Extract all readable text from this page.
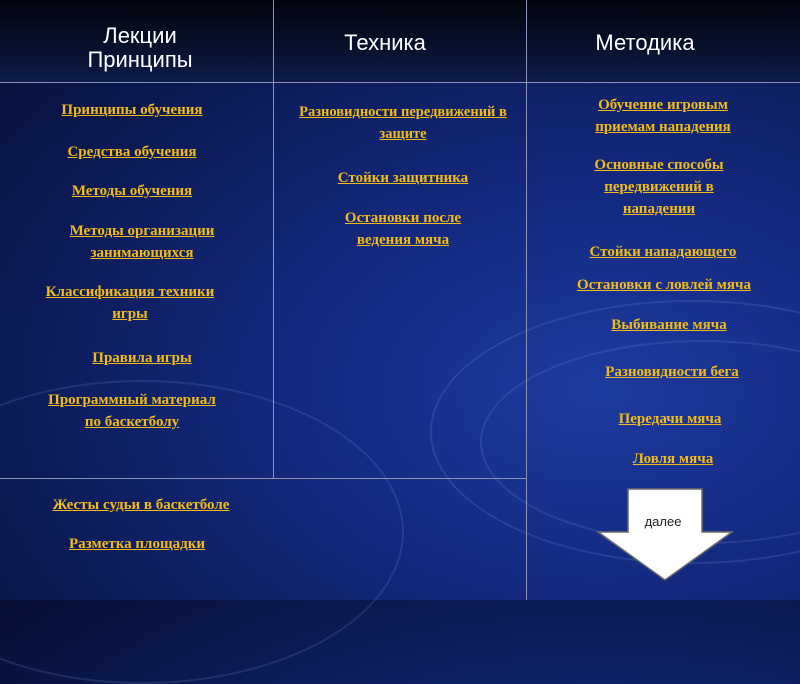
Лекции
Принципы
Техника	Методика
Принципы обучения
Средства обучения
Методы обучения
Методы организации
занимающихся
Классификация техники
игры
Правила игры
Программный материал
по баскетболу
Разновидности передвижений в
защите
Стойки защитника
Остановки после
ведения мяча
Обучение игровым
приемам нападения
Основные способы
передвижений в
нападении
Стойки нападающего
Остановки с ловлей мяча
Выбивание мяча
Разновидности бега
Передачи мяча
Ловля мяча
Жесты судьи в баскетболе
Разметка площадки
далее
